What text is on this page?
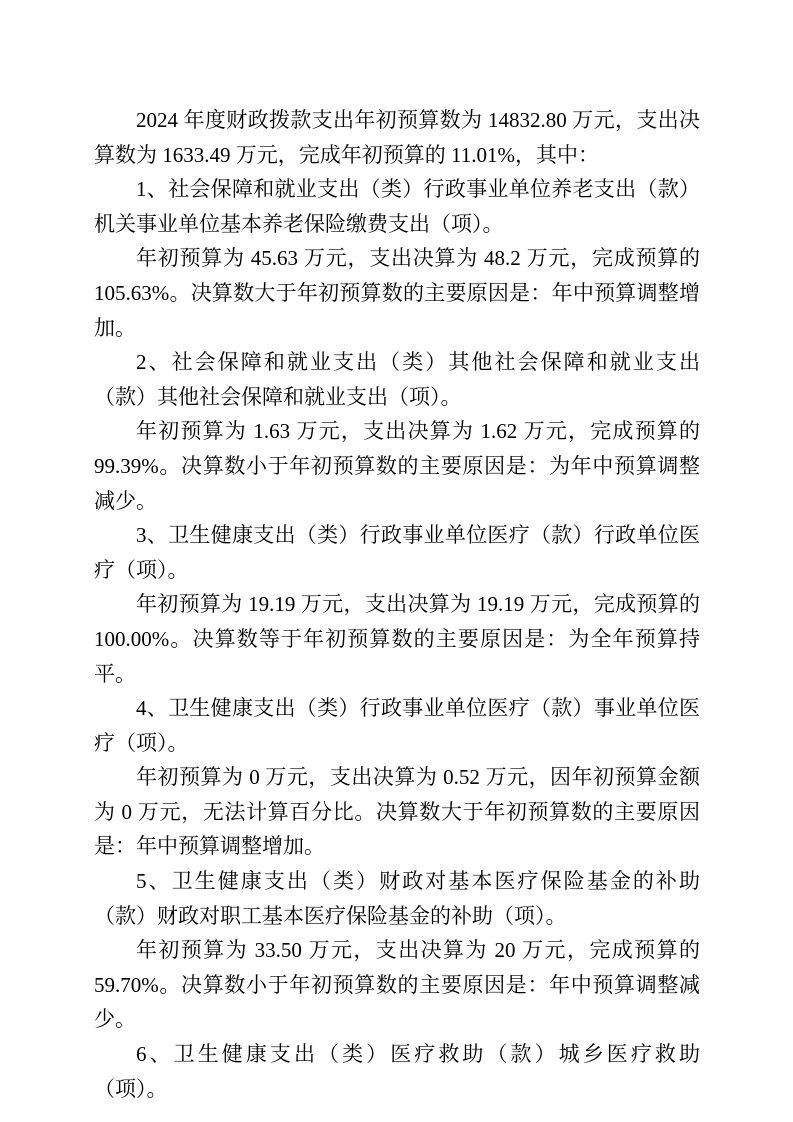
2024 年度财政拨款支出年初预算数为 14832.80 万元，支出决算数为 1633.49 万元，完成年初预算的 11.01%，其中：

1、社会保障和就业支出（类）行政事业单位养老支出（款）机关事业单位基本养老保险缴费支出（项）。

年初预算为 45.63 万元，支出决算为 48.2 万元，完成预算的 105.63%。决算数大于年初预算数的主要原因是：年中预算调整增加。

2、社会保障和就业支出（类）其他社会保障和就业支出（款）其他社会保障和就业支出（项）。

年初预算为 1.63 万元，支出决算为 1.62 万元，完成预算的 99.39%。决算数小于年初预算数的主要原因是：为年中预算调整减少。

3、卫生健康支出（类）行政事业单位医疗（款）行政单位医疗（项）。

年初预算为 19.19 万元，支出决算为 19.19 万元，完成预算的 100.00%。决算数等于年初预算数的主要原因是：为全年预算持平。

4、卫生健康支出（类）行政事业单位医疗（款）事业单位医疗（项）。

年初预算为 0 万元，支出决算为 0.52 万元，因年初预算金额为 0 万元，无法计算百分比。决算数大于年初预算数的主要原因是：年中预算调整增加。

5、卫生健康支出（类）财政对基本医疗保险基金的补助（款）财政对职工基本医疗保险基金的补助（项）。

年初预算为 33.50 万元，支出决算为 20 万元，完成预算的 59.70%。决算数小于年初预算数的主要原因是：年中预算调整减少。

6、卫生健康支出（类）医疗救助（款）城乡医疗救助（项）。
